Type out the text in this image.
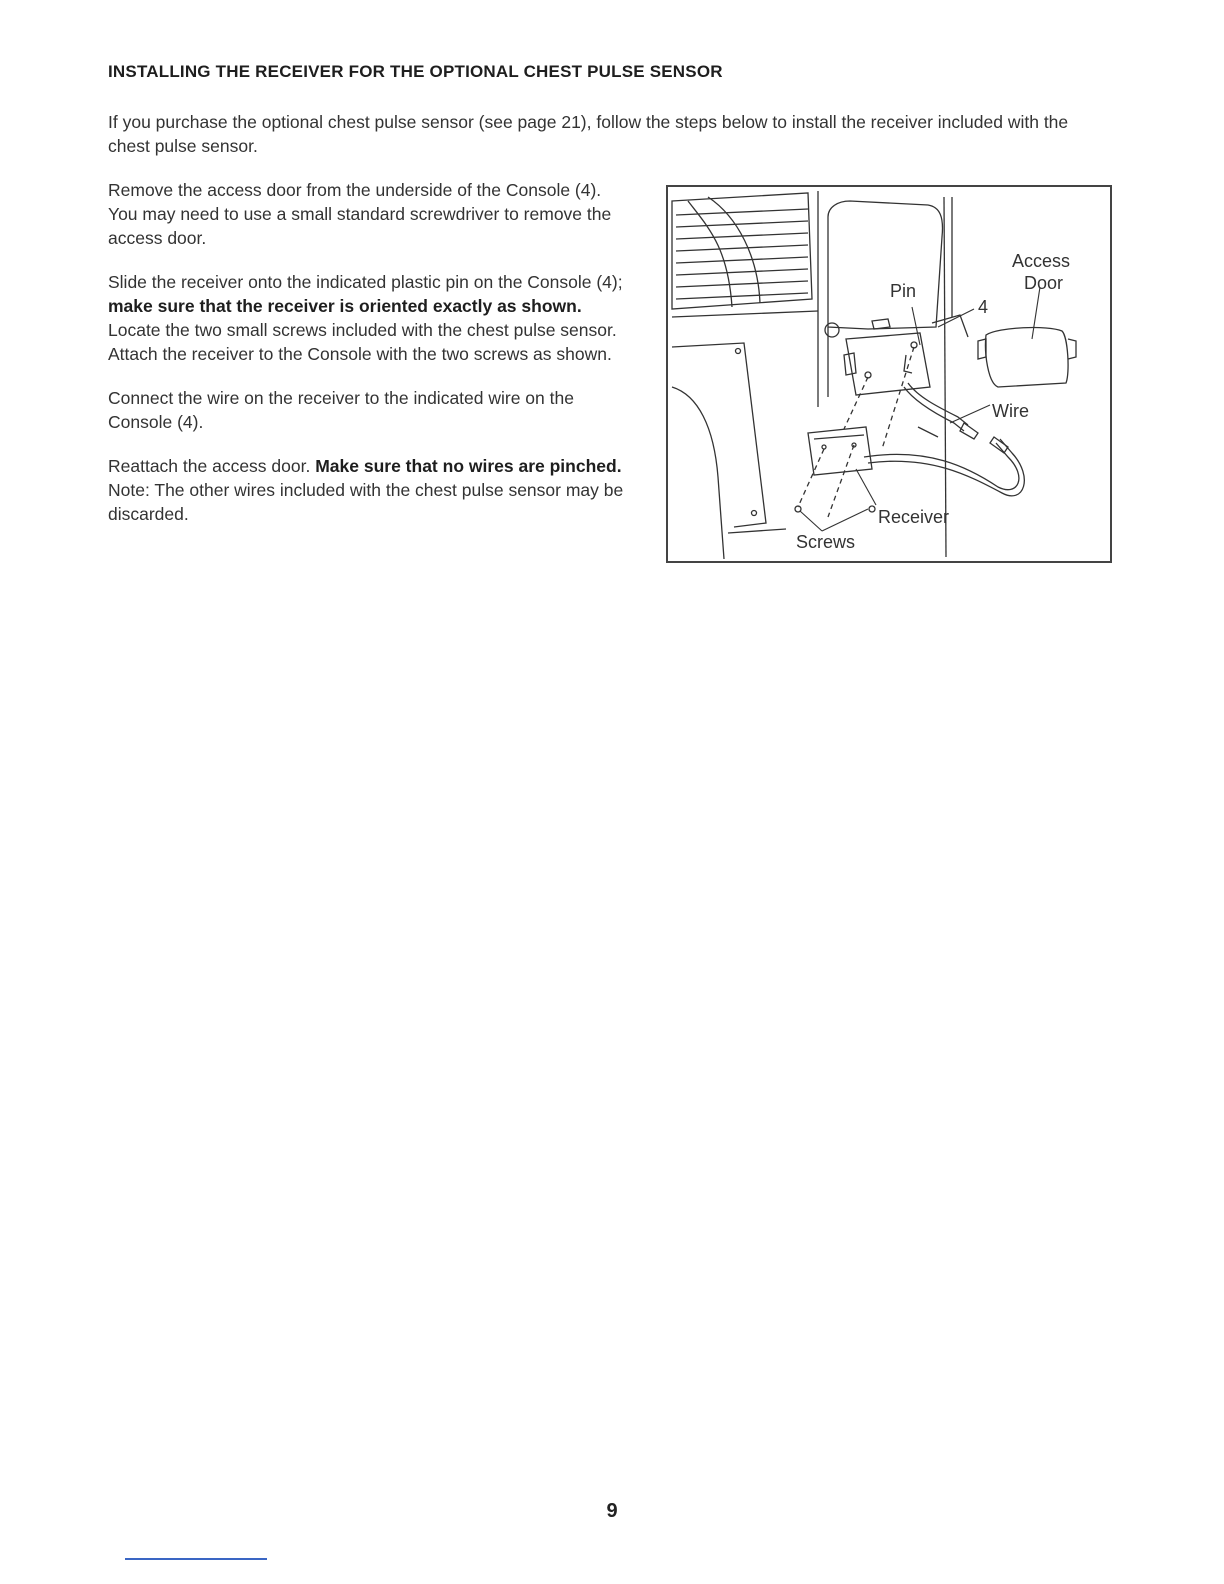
INSTALLING THE RECEIVER FOR THE OPTIONAL CHEST PULSE SENSOR
If you purchase the optional chest pulse sensor (see page 21), follow the steps below to install the receiver included with the chest pulse sensor.

Remove the access door from the underside of the Console (4). You may need to use a small standard screwdriver to remove the access door.

Slide the receiver onto the indicated plastic pin on the Console (4); make sure that the receiver is oriented exactly as shown. Locate the two small screws included with the chest pulse sensor. Attach the receiver to the Console with the two screws as shown.

Connect the wire on the receiver to the indicated wire on the Console (4).

Reattach the access door. Make sure that no wires are pinched. Note: The other wires included with the chest pulse sensor may be discarded.

Access
Door
Pin
4
Wire
Receiver
Screws
9
